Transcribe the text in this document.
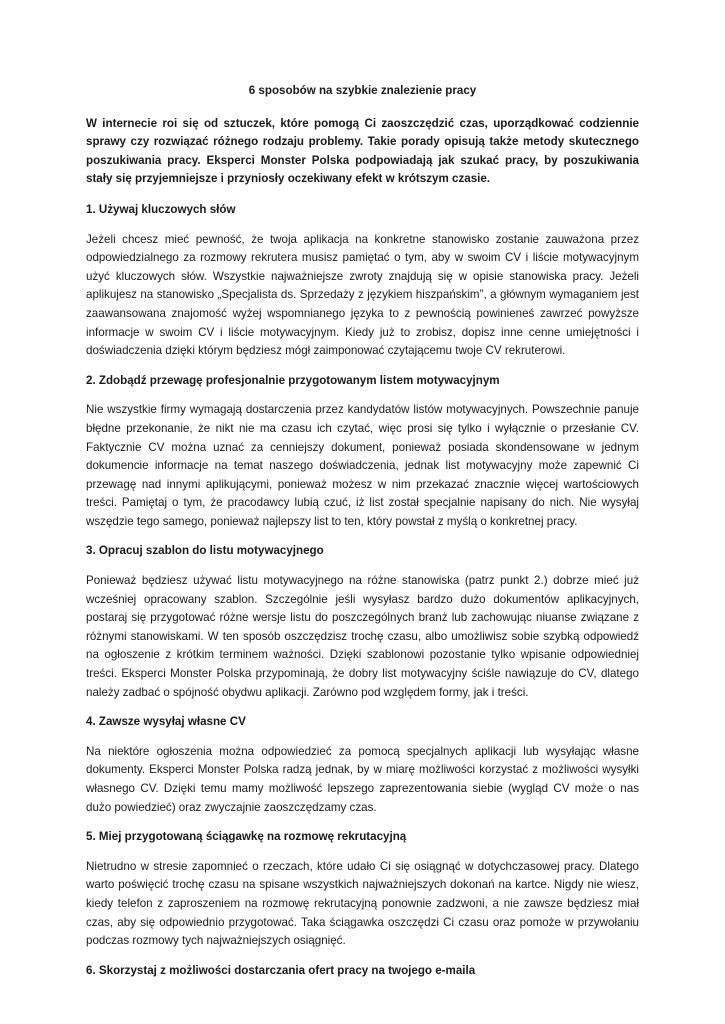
6 sposobów na szybkie znalezienie pracy
W internecie roi się od sztuczek, które pomogą Ci zaoszczędzić czas, uporządkować codziennie sprawy czy rozwiązać różnego rodzaju problemy. Takie porady opisują także metody skutecznego poszukiwania pracy. Eksperci Monster Polska podpowiadają jak szukać pracy, by poszukiwania stały się przyjemniejsze i przyniosły oczekiwany efekt w krótszym czasie.
1. Używaj kluczowych słów
Jeżeli chcesz mieć pewność, że twoja aplikacja na konkretne stanowisko zostanie zauważona przez odpowiedzialnego za rozmowy rekrutera musisz pamiętać o tym, aby w swoim CV i liście motywacyjnym użyć kluczowych słów. Wszystkie najważniejsze zwroty znajdują się w opisie stanowiska pracy. Jeżeli aplikujesz na stanowisko „Specjalista ds. Sprzedaży z językiem hiszpańskim”, a głównym wymaganiem jest zaawansowana znajomość wyżej wspomnianego języka to z pewnością powinieneś zawrzeć powyższe informacje w swoim CV i liście motywacyjnym. Kiedy już to zrobisz, dopisz inne cenne umiejętności i doświadczenia dzięki którym będziesz mógł zaimponować czytającemu twoje CV rekruterowi.
2. Zdobądź przewagę profesjonalnie przygotowanym listem motywacyjnym
Nie wszystkie firmy wymagają dostarczenia przez kandydatów listów motywacyjnych. Powszechnie panuje błędne przekonanie, że nikt nie ma czasu ich czytać, więc prosi się tylko i wyłącznie o przesłanie CV. Faktycznie CV można uznać za cenniejszy dokument, ponieważ posiada skondensowane w jednym dokumencie informacje na temat naszego doświadczenia, jednak list motywacyjny może zapewnić Ci przewagę nad innymi aplikującymi, ponieważ możesz w nim przekazać znacznie więcej wartościowych treści. Pamiętaj o tym, że pracodawcy lubią czuć, iż list został specjalnie napisany do nich. Nie wysyłaj wszędzie tego samego, ponieważ najlepszy list to ten, który powstał z myślą o konkretnej pracy.
3. Opracuj szablon do listu motywacyjnego
Ponieważ będziesz używać listu motywacyjnego na różne stanowiska (patrz punkt 2.) dobrze mieć już wcześniej opracowany szablon. Szczególnie jeśli wysyłasz bardzo dużo dokumentów aplikacyjnych, postaraj się przygotować różne wersje listu do poszczególnych branż lub zachowując niuanse związane z różnymi stanowiskami. W ten sposób oszczędzisz trochę czasu, albo umożliwisz sobie szybką odpowiedź na ogłoszenie z krótkim terminem ważności. Dzięki szablonowi pozostanie tylko wpisanie odpowiedniej treści. Eksperci Monster Polska przypominają, że dobry list motywacyjny ściśle nawiązuje do CV, dlatego należy zadbać o spójność obydwu aplikacji. Zarówno pod względem formy, jak i treści.
4. Zawsze wysyłaj własne CV
Na niektóre ogłoszenia można odpowiedzieć za pomocą specjalnych aplikacji lub wysyłając własne dokumenty. Eksperci Monster Polska radzą jednak, by w miarę możliwości korzystać z możliwości wysyłki własnego CV. Dzięki temu mamy możliwość lepszego zaprezentowania siebie (wygląd CV może o nas dużo powiedzieć) oraz zwyczajnie zaoszczędzamy czas.
5. Miej przygotowaną ściągawkę na rozmowę rekrutacyjną
Nietrudno w stresie zapomnieć o rzeczach, które udało Ci się osiągnąć w dotychczasowej pracy. Dlatego warto poświęcić trochę czasu na spisane wszystkich najważniejszych dokonań na kartce. Nigdy nie wiesz, kiedy telefon z zaproszeniem na rozmowę rekrutacyjną ponownie zadzwoni, a nie zawsze będziesz miał czas, aby się odpowiednio przygotować. Taka ściągawka oszczędzi Ci czasu oraz pomoże w przywołaniu podczas rozmowy tych najważniejszych osiągnięć.
6. Skorzystaj z możliwości dostarczania ofert pracy na twojego e-maila
